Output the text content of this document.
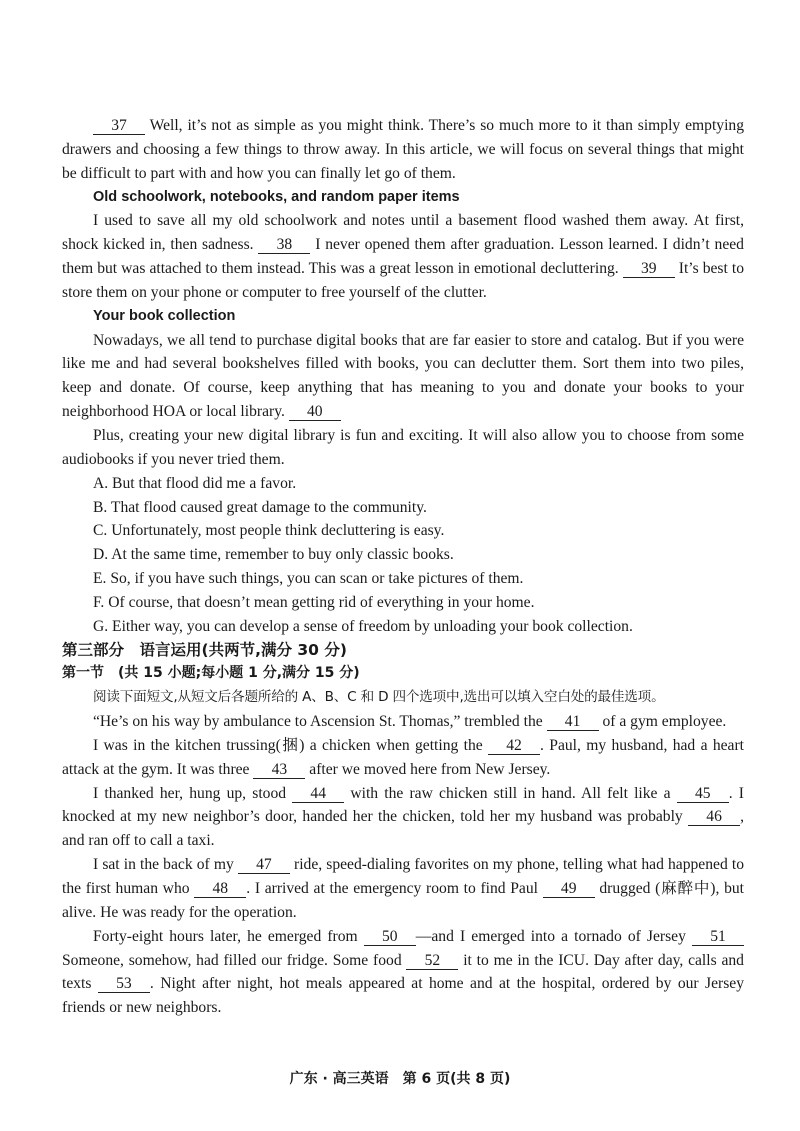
37 Well, it’s not as simple as you might think. There’s so much more to it than simply emptying drawers and choosing a few things to throw away. In this article, we will focus on several things that might be difficult to part with and how you can finally let go of them.

Old schoolwork, notebooks, and random paper items

I used to save all my old schoolwork and notes until a basement flood washed them away. At first, shock kicked in, then sadness. 38 I never opened them after graduation. Lesson learned. I didn’t need them but was attached to them instead. This was a great lesson in emotional decluttering. 39 It’s best to store them on your phone or computer to free yourself of the clutter.

Your book collection

Nowadays, we all tend to purchase digital books that are far easier to store and catalog. But if you were like me and had several bookshelves filled with books, you can declutter them. Sort them into two piles, keep and donate. Of course, keep anything that has meaning to you and donate your books to your neighborhood HOA or local library. 40

Plus, creating your new digital library is fun and exciting. It will also allow you to choose from some audiobooks if you never tried them.

A. But that flood did me a favor.

B. That flood caused great damage to the community.

C. Unfortunately, most people think decluttering is easy.

D. At the same time, remember to buy only classic books.

E. So, if you have such things, you can scan or take pictures of them.

F. Of course, that doesn’t mean getting rid of everything in your home.

G. Either way, you can develop a sense of freedom by unloading your book collection.

第三部分　语言运用(共两节,满分 30 分)

第一节　(共 15 小题;每小题 1 分,满分 15 分)

阅读下面短文,从短文后各题所给的 A、B、C 和 D 四个选项中,选出可以填入空白处的最佳选项。

“He’s on his way by ambulance to Ascension St. Thomas,” trembled the 41 of a gym employee.

I was in the kitchen trussing(捆) a chicken when getting the 42 . Paul, my husband, had a heart attack at the gym. It was three 43 after we moved here from New Jersey.

I thanked her, hung up, stood 44 with the raw chicken still in hand. All felt like a 45 . I knocked at my new neighbor’s door, handed her the chicken, told her my husband was probably 46 , and ran off to call a taxi.

I sat in the back of my 47 ride, speed-dialing favorites on my phone, telling what had happened to the first human who 48 . I arrived at the emergency room to find Paul 49 drugged (麻醉中), but alive. He was ready for the operation.

Forty-eight hours later, he emerged from 50 —and I emerged into a tornado of Jersey 51 Someone, somehow, had filled our fridge. Some food 52 it to me in the ICU. Day after day, calls and texts 53 . Night after night, hot meals appeared at home and at the hospital, ordered by our Jersey friends or new neighbors.

广东 · 高三英语　第 6 页(共 8 页)
